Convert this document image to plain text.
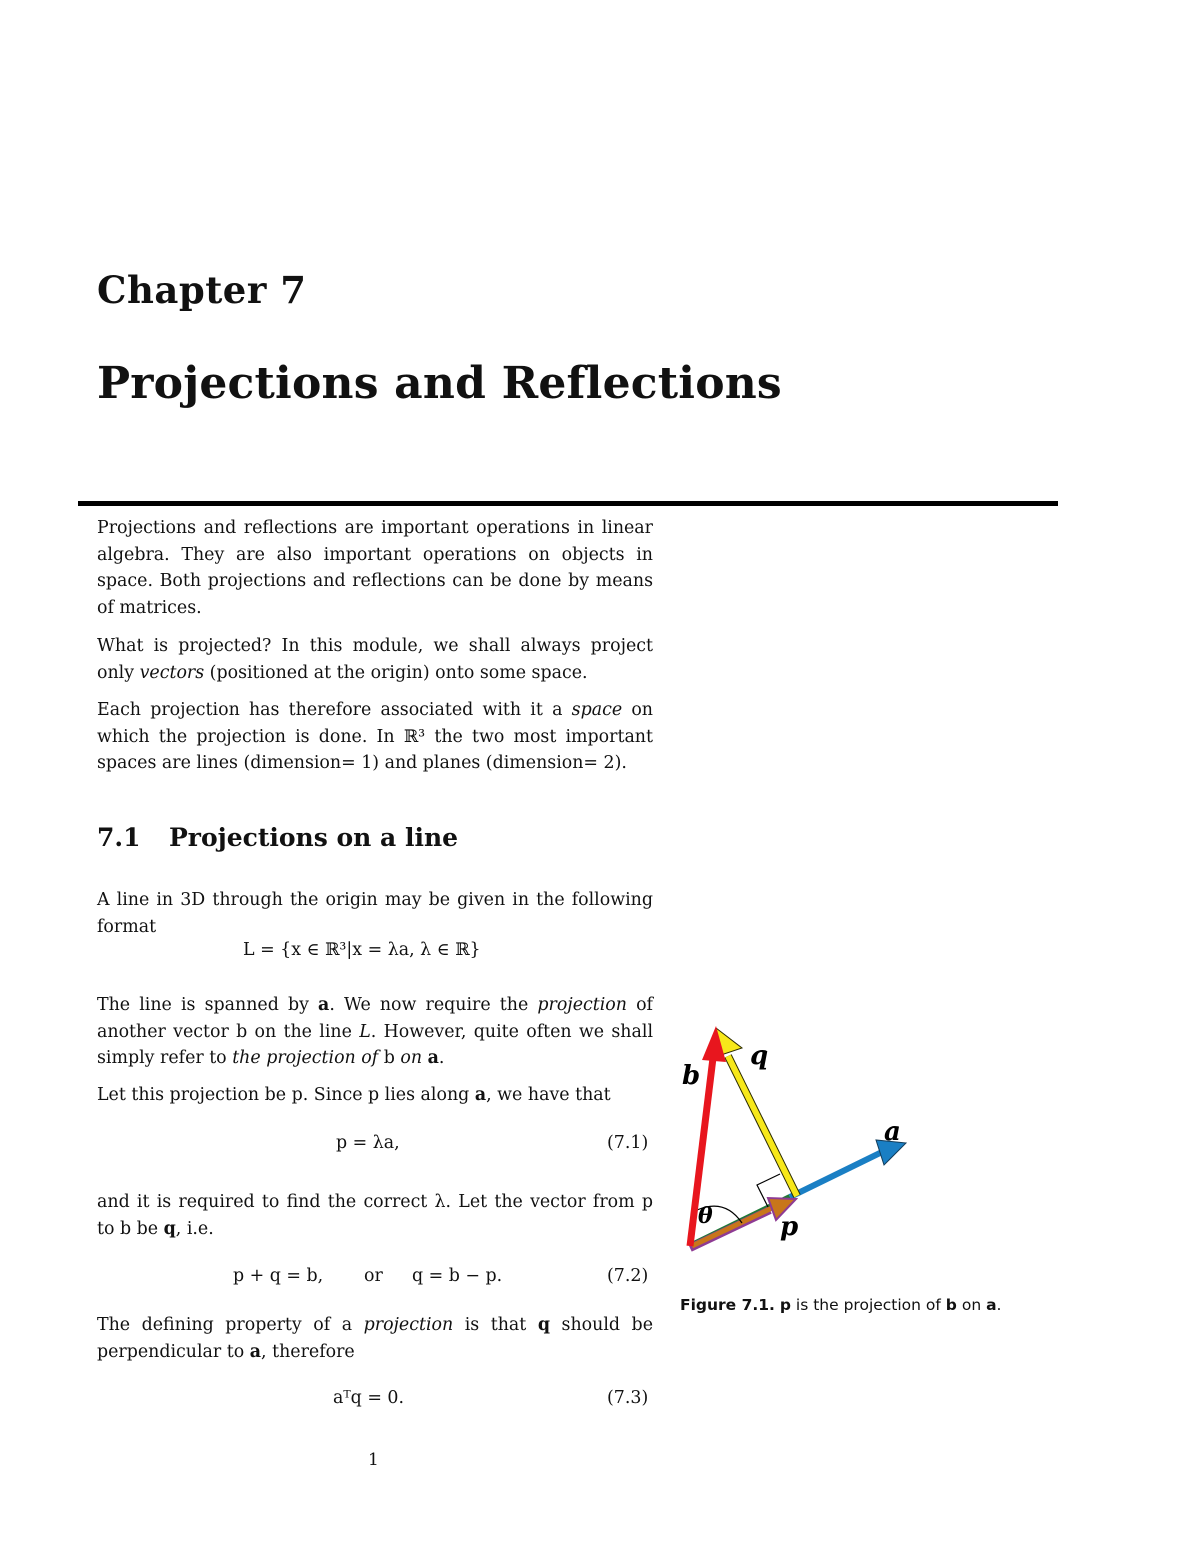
Chapter 7
Projections and Reflections

Projections and reflections are important operations in linear algebra. They are also important operations on objects in space. Both projections and reflections can be done by means of matrices.

What is projected? In this module, we shall always project only vectors (positioned at the origin) onto some space.

Each projection has therefore associated with it a space on which the projection is done. In ℝ³ the two most important spaces are lines (dimension= 1) and planes (dimension= 2).

7.1 Projections on a line

A line in 3D through the origin may be given in the following format

L = {x ∈ ℝ³|x = λa, λ ∈ ℝ}

The line is spanned by a. We now require the projection of another vector b on the line L. However, quite often we shall simply refer to the projection of b on a.

Let this projection be p. Since p lies along a, we have that

p = λa,	(7.1)

and it is required to find the correct λ. Let the vector from p to b be q, i.e.

p + q = b, or q = b − p.	(7.2)

The defining property of a projection is that q should be perpendicular to a, therefore

aᵀq = 0.	(7.3)
b
q
a
p
θ
Figure 7.1. p is the projection of b on a.
1
